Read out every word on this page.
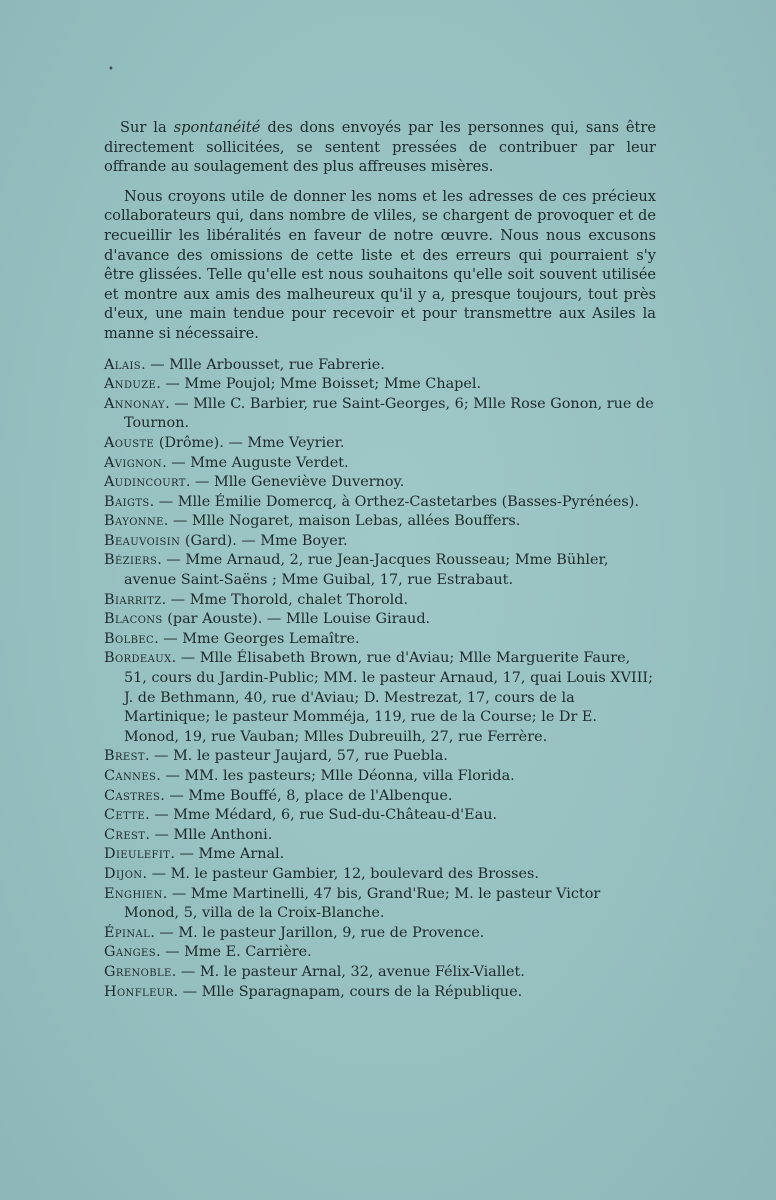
•

Sur la spontanéité des dons envoyés par les personnes qui, sans être directement sollicitées, se sentent pressées de contribuer par leur offrande au soulagement des plus affreuses misères.

Nous croyons utile de donner les noms et les adresses de ces précieux collaborateurs qui, dans nombre de vliles, se chargent de provoquer et de recueillir les libéralités en faveur de notre œuvre. Nous nous excusons d'avance des omissions de cette liste et des erreurs qui pourraient s'y être glissées. Telle qu'elle est nous souhaitons qu'elle soit souvent utilisée et montre aux amis des malheureux qu'il y a, presque toujours, tout près d'eux, une main tendue pour recevoir et pour transmettre aux Asiles la manne si nécessaire.

Alais. — Mlle Arbousset, rue Fabrerie.
Anduze. — Mme Poujol; Mme Boisset; Mme Chapel.
Annonay. — Mlle C. Barbier, rue Saint-Georges, 6; Mlle Rose Gonon, rue de Tournon.
Aouste (Drôme). — Mme Veyrier.
Avignon. — Mme Auguste Verdet.
Audincourt. — Mlle Geneviève Duvernoy.
Baigts. — Mlle Émilie Domercq, à Orthez-Castetarbes (Basses-Pyrénées).
Bayonne. — Mlle Nogaret, maison Lebas, allées Bouffers.
Beauvoisin (Gard). — Mme Boyer.
Béziers. — Mme Arnaud, 2, rue Jean-Jacques Rousseau; Mme Bühler, avenue Saint-Saëns ; Mme Guibal, 17, rue Estrabaut.
Biarritz. — Mme Thorold, chalet Thorold.
Blacons (par Aouste). — Mlle Louise Giraud.
Bolbec. — Mme Georges Lemaître.
Bordeaux. — Mlle Élisabeth Brown, rue d'Aviau; Mlle Marguerite Faure, 51, cours du Jardin-Public; MM. le pasteur Arnaud, 17, quai Louis XVIII; J. de Bethmann, 40, rue d'Aviau; D. Mestrezat, 17, cours de la Martinique; le pasteur Momméja, 119, rue de la Course; le Dr E. Monod, 19, rue Vauban; Mlles Dubreuilh, 27, rue Ferrère.
Brest. — M. le pasteur Jaujard, 57, rue Puebla.
Cannes. — MM. les pasteurs; Mlle Déonna, villa Florida.
Castres. — Mme Bouffé, 8, place de l'Albenque.
Cette. — Mme Médard, 6, rue Sud-du-Château-d'Eau.
Crest. — Mlle Anthoni.
Dieulefit. — Mme Arnal.
Dijon. — M. le pasteur Gambier, 12, boulevard des Brosses.
Enghien. — Mme Martinelli, 47 bis, Grand'Rue; M. le pasteur Victor Monod, 5, villa de la Croix-Blanche.
Épinal. — M. le pasteur Jarillon, 9, rue de Provence.
Ganges. — Mme E. Carrière.
Grenoble. — M. le pasteur Arnal, 32, avenue Félix-Viallet.
Honfleur. — Mlle Sparagnapam, cours de la République.
